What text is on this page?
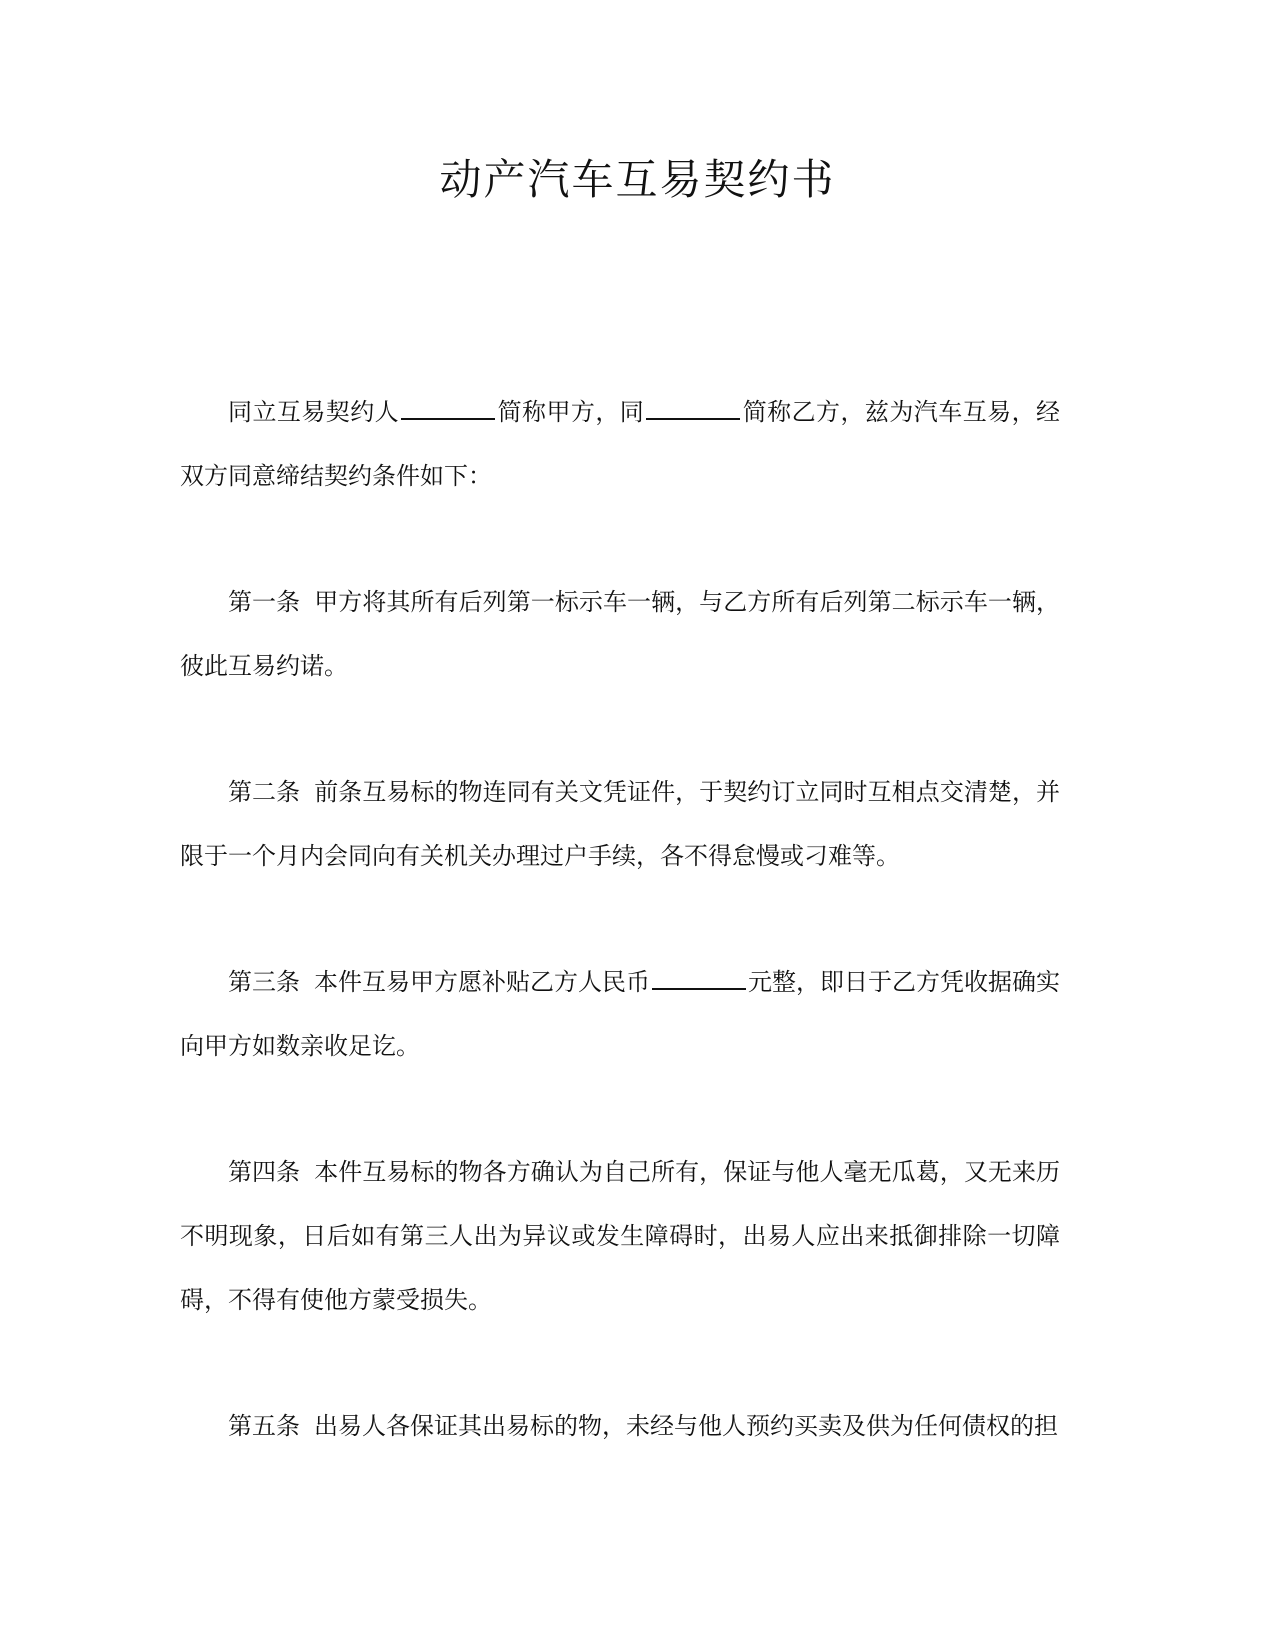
动产汽车互易契约书

同立互易契约人	简称甲方，同	简称乙方，兹为汽车互易，经双方同意缔结契约条件如下：

第一条 甲方将其所有后列第一标示车一辆，与乙方所有后列第二标示车一辆，彼此互易约诺。

第二条 前条互易标的物连同有关文凭证件，于契约订立同时互相点交清楚，并限于一个月内会同向有关机关办理过户手续，各不得怠慢或刁难等。

第三条 本件互易甲方愿补贴乙方人民币	元整，即日于乙方凭收据确实向甲方如数亲收足讫。

第四条 本件互易标的物各方确认为自己所有，保证与他人毫无瓜葛，又无来历不明现象，日后如有第三人出为异议或发生障碍时，出易人应出来抵御排除一切障碍，不得有使他方蒙受损失。

第五条 出易人各保证其出易标的物，未经与他人预约买卖及供为任何债权的担
